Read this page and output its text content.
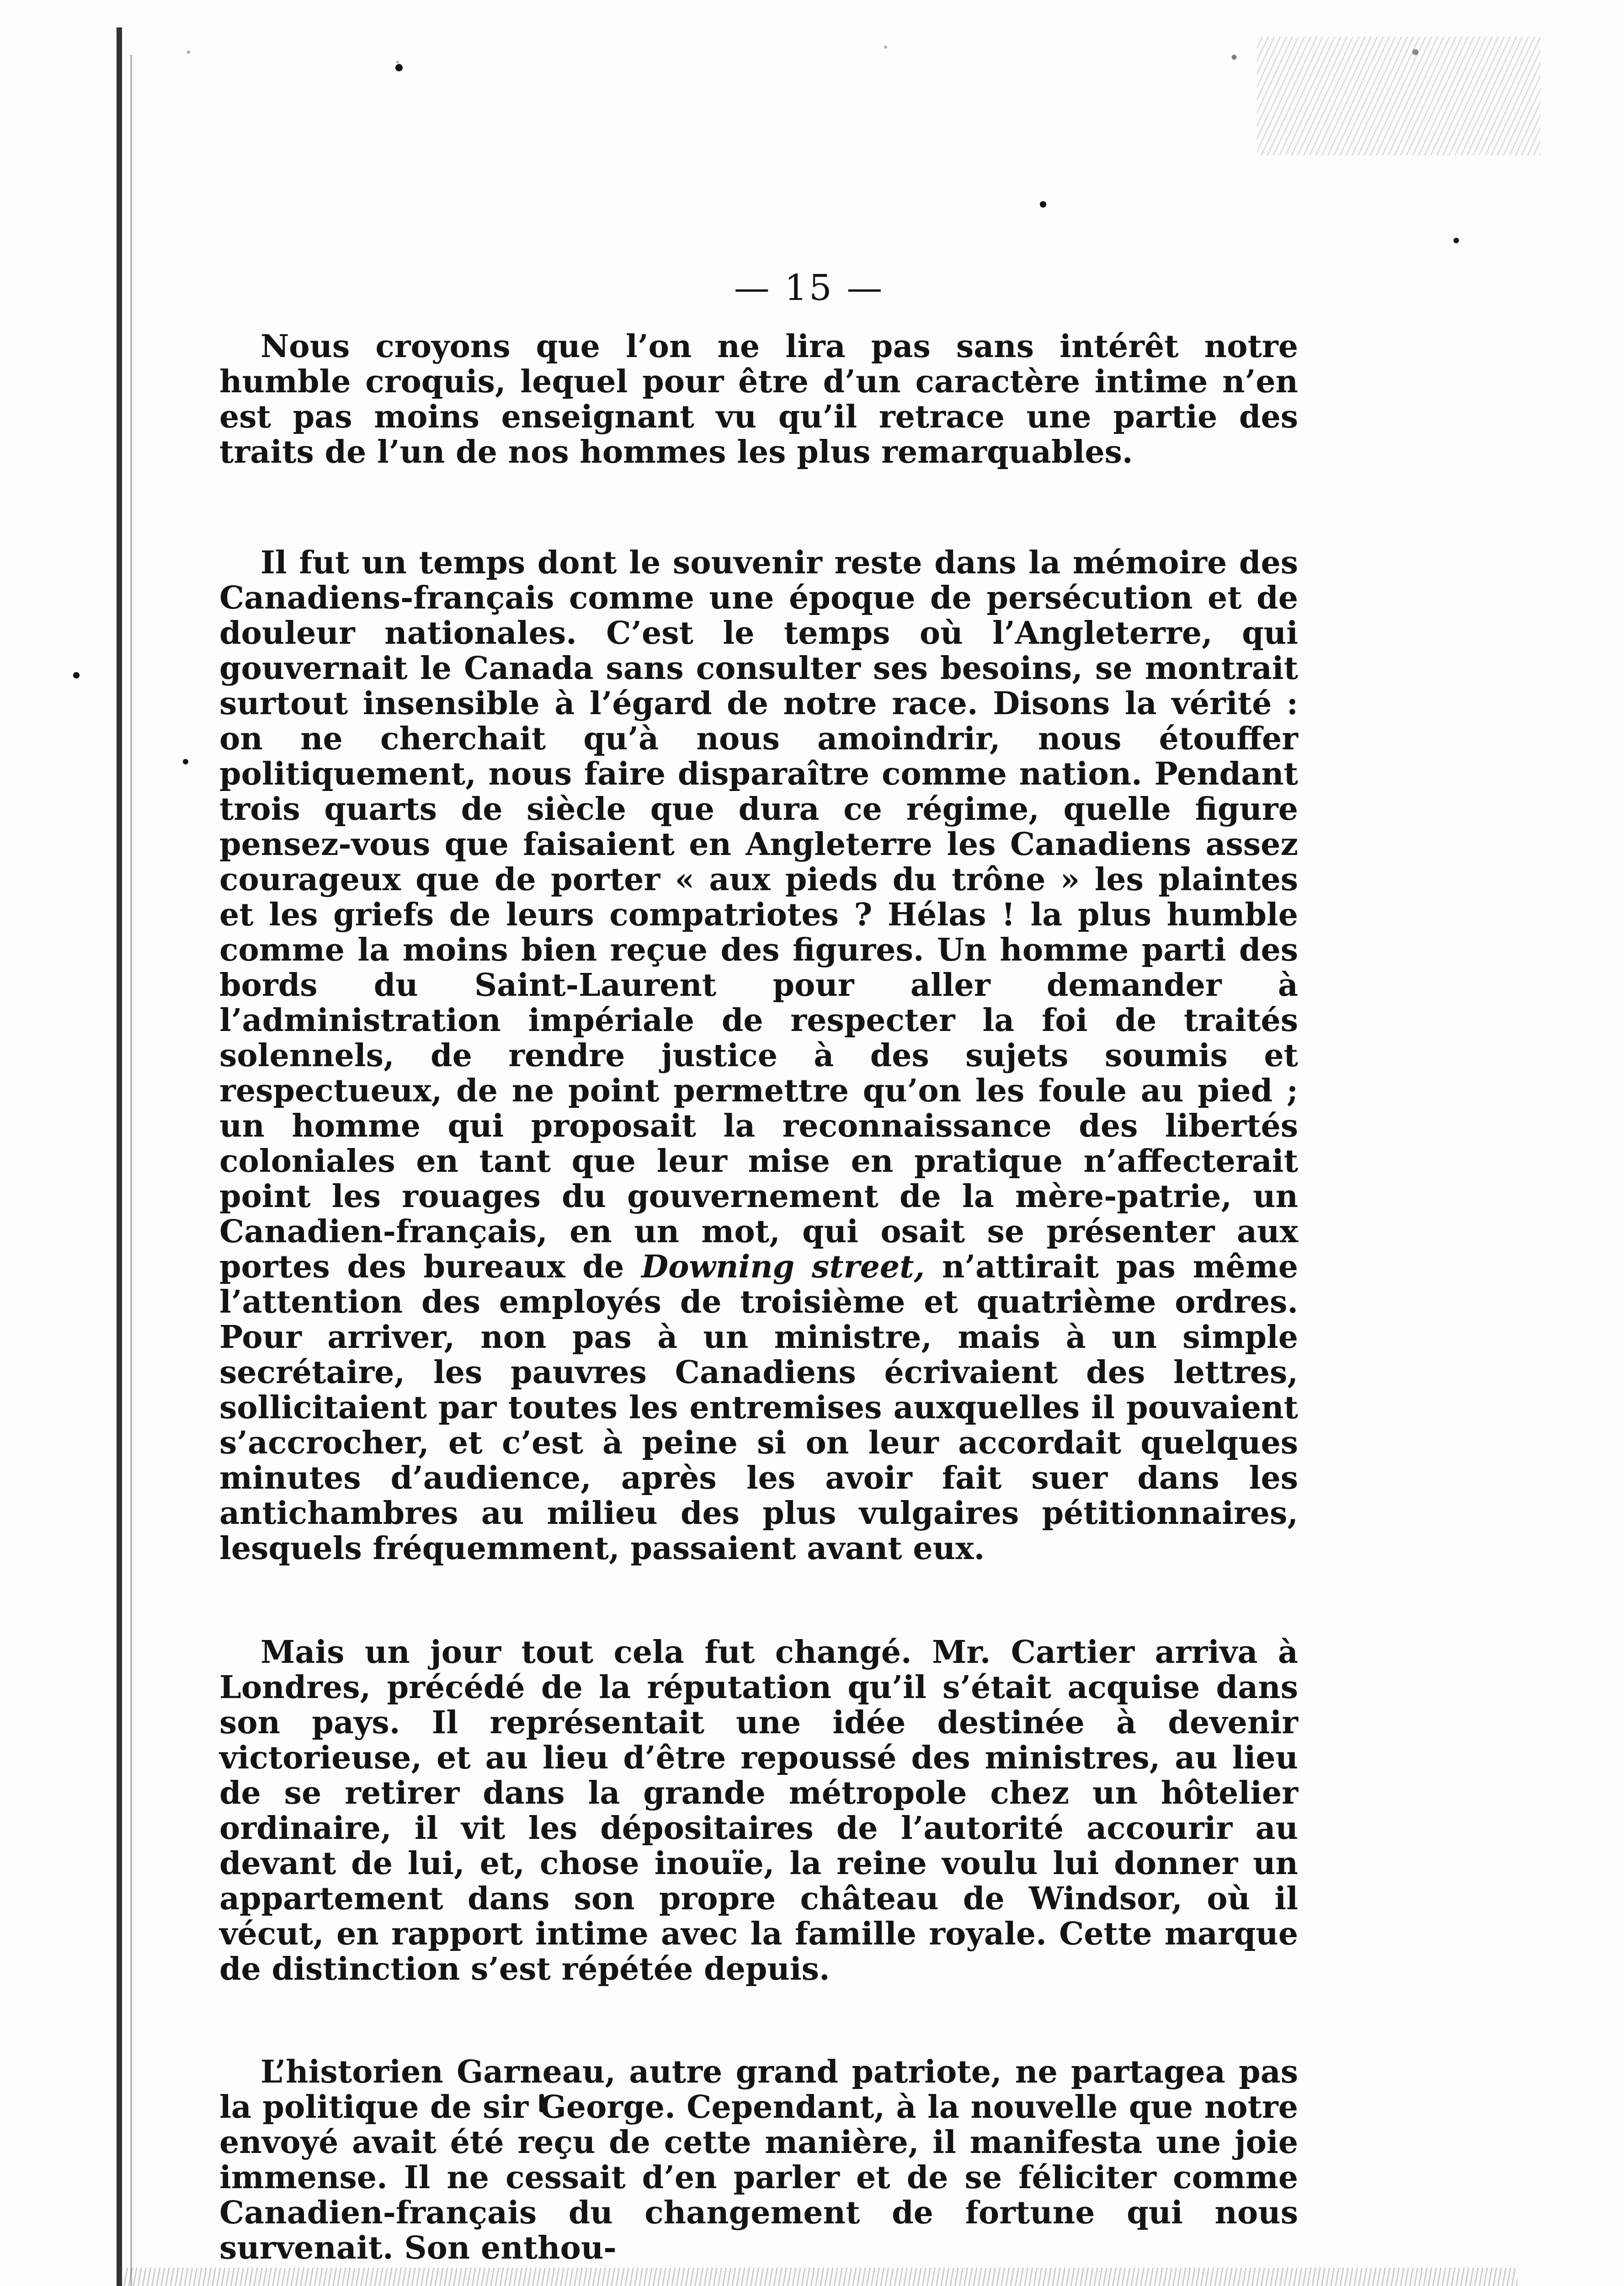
— 15 —

Nous croyons que l’on ne lira pas sans intérêt notre humble croquis, lequel pour être d’un caractère intime n’en est pas moins enseignant vu qu’il retrace une partie des traits de l’un de nos hommes les plus remarquables.

Il fut un temps dont le souvenir reste dans la mémoire des Canadiens-français comme une époque de persécution et de douleur nationales. C’est le temps où l’Angleterre, qui gouvernait le Canada sans consulter ses besoins, se montrait surtout insensible à l’égard de notre race. Disons la vérité : on ne cherchait qu’à nous amoindrir, nous étouffer politiquement, nous faire disparaître comme nation. Pendant trois quarts de siècle que dura ce régime, quelle figure pensez-vous que faisaient en Angleterre les Canadiens assez courageux que de porter « aux pieds du trône » les plaintes et les griefs de leurs compatriotes ? Hélas ! la plus humble comme la moins bien reçue des figures. Un homme parti des bords du Saint-Laurent pour aller demander à l’administration impériale de respecter la foi de traités solennels, de rendre justice à des sujets soumis et respectueux, de ne point permettre qu’on les foule au pied ; un homme qui proposait la reconnaissance des libertés coloniales en tant que leur mise en pratique n’affecterait point les rouages du gouvernement de la mère-patrie, un Canadien-français, en un mot, qui osait se présenter aux portes des bureaux de Downing street, n’attirait pas même l’attention des employés de troisième et quatrième ordres. Pour arriver, non pas à un ministre, mais à un simple secrétaire, les pauvres Canadiens écrivaient des lettres, sollicitaient par toutes les entremises auxquelles il pouvaient s’accrocher, et c’est à peine si on leur accordait quelques minutes d’audience, après les avoir fait suer dans les antichambres au milieu des plus vulgaires pétitionnaires, lesquels fréquemment, passaient avant eux.

Mais un jour tout cela fut changé. Mr. Cartier arriva à Londres, précédé de la réputation qu’il s’était acquise dans son pays. Il représentait une idée destinée à devenir victorieuse, et au lieu d’être repoussé des ministres, au lieu de se retirer dans la grande métropole chez un hôtelier ordinaire, il vit les dépositaires de l’autorité accourir au devant de lui, et, chose inouïe, la reine voulu lui donner un appartement dans son propre château de Windsor, où il vécut, en rapport intime avec la famille royale. Cette marque de distinction s’est répétée depuis.

L’historien Garneau, autre grand patriote, ne partagea pas la politique de sir George. Cependant, à la nouvelle que notre envoyé avait été reçu de cette manière, il manifesta une joie immense. Il ne cessait d’en parler et de se féliciter comme Canadien-français du changement de fortune qui nous survenait. Son enthou-
